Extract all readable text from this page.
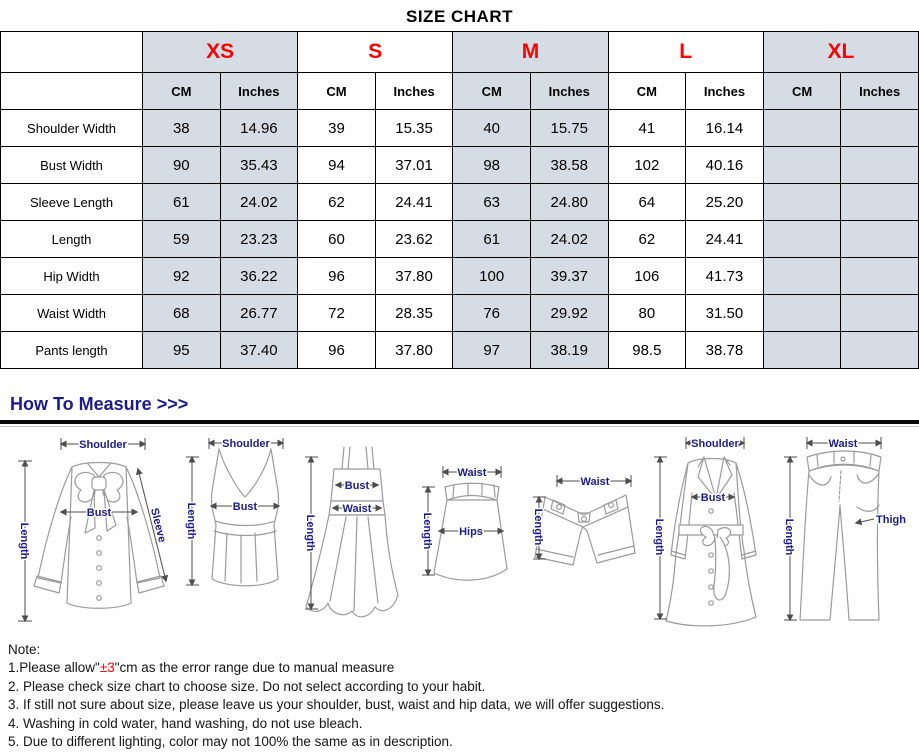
SIZE CHART
	XS		S		M		L		XL	
	CM	Inches	CM	Inches	CM	Inches	CM	Inches	CM	Inches
Shoulder Width	38	14.96	39	15.35	40	15.75	41	16.14		
Bust Width	90	35.43	94	37.01	98	38.58	102	40.16		
Sleeve Length	61	24.02	62	24.41	63	24.80	64	25.20		
Length	59	23.23	60	23.62	61	24.02	62	24.41		
Hip Width	92	36.22	96	37.80	100	39.37	106	41.73		
Waist Width	68	26.77	72	28.35	76	29.92	80	31.50		
Pants length	95	37.40	96	37.80	97	38.19	98.5	38.78		
How To Measure >>>
Shoulder
Length
Bust	Sleeve
Shoulder
Length	Bust
Length
Bust
Waist
Waist
Length Hips
Waist
Length
Shoulder
Length
Bust
Waist
Length	Thigh
Note:
1.Please allow"±3"cm as the error range due to manual measure
2. Please check size chart to choose size. Do not select according to your habit.
3. If still not sure about size, please leave us your shoulder, bust, waist and hip data, we will offer suggestions.
4. Washing in cold water, hand washing, do not use bleach.
5. Due to different lighting, color may not 100% the same as in description.
